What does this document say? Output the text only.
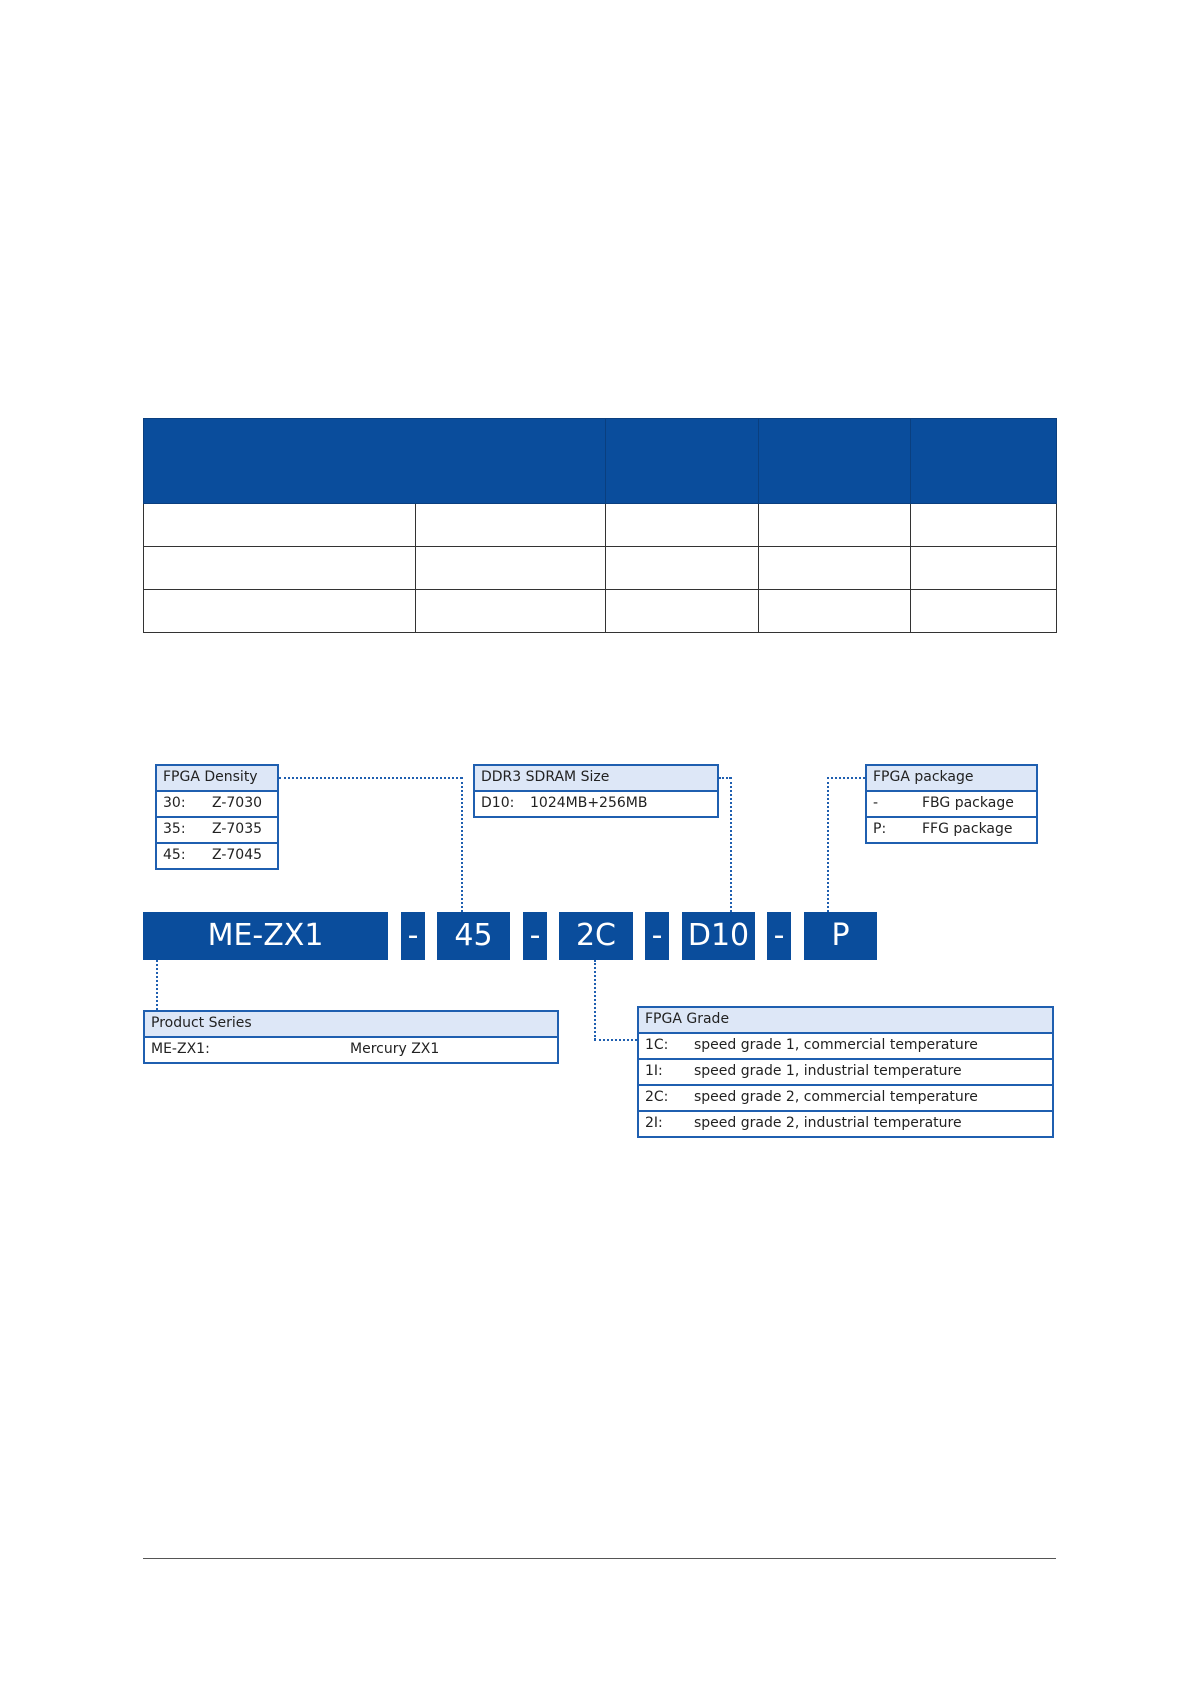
FPGA Density
30: Z-7030
35: Z-7035
45: Z-7045
DDR3 SDRAM Size
D10: 1024MB+256MB
FPGA package
-	FBG package
P:	FFG package
ME-ZX1	-	45	-	2C	- D10 -	P
Product Series
ME-ZX1:	Mercury ZX1
FPGA Grade
1C: speed grade 1, commercial temperature
1I: speed grade 1, industrial temperature
2C: speed grade 2, commercial temperature
2I: speed grade 2, industrial temperature
